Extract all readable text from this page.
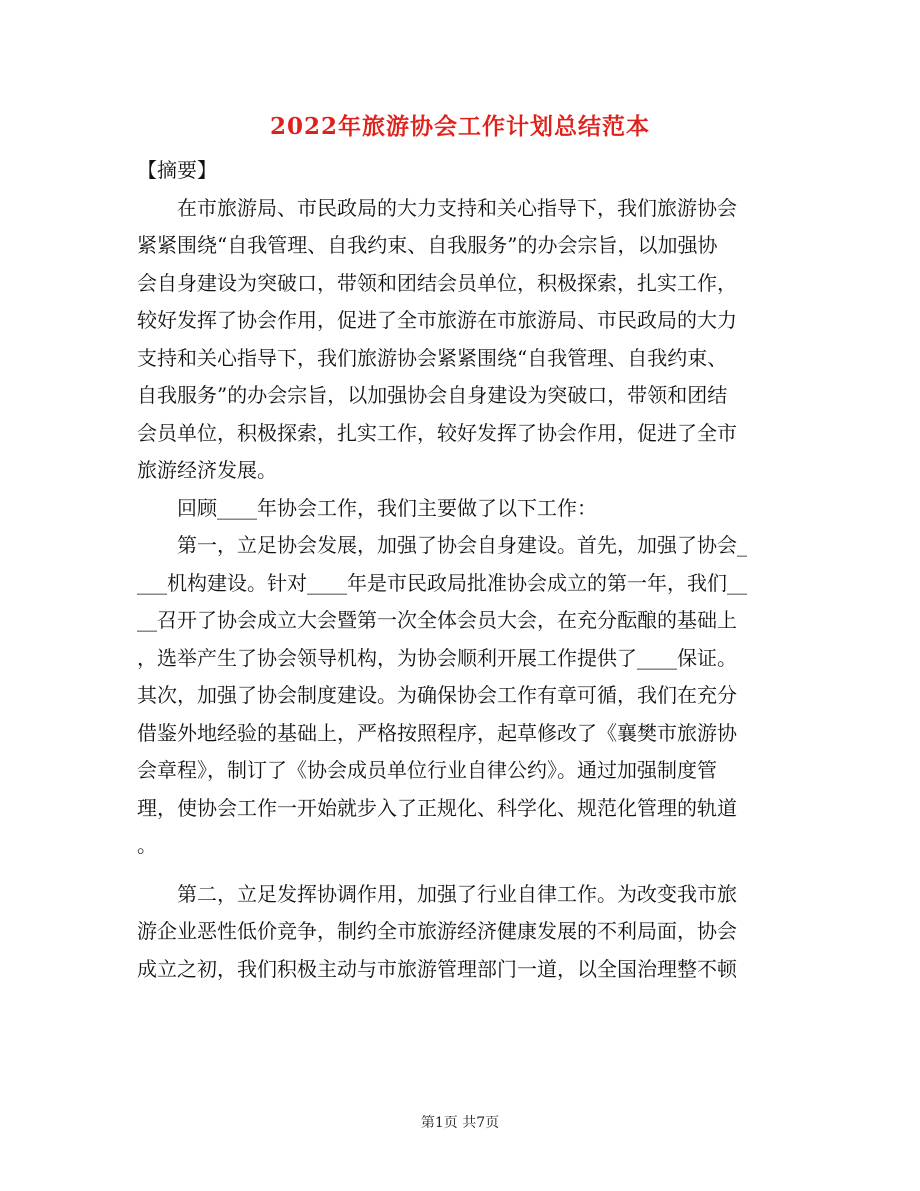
2022年旅游协会工作计划总结范本
【摘要】
　　在市旅游局、市民政局的大力支持和关心指导下，我们旅游协会
紧紧围绕“自我管理、自我约束、自我服务”的办会宗旨，以加强协
会自身建设为突破口，带领和团结会员单位，积极探索，扎实工作，
较好发挥了协会作用，促进了全市旅游在市旅游局、市民政局的大力
支持和关心指导下，我们旅游协会紧紧围绕“自我管理、自我约束、
自我服务”的办会宗旨，以加强协会自身建设为突破口，带领和团结
会员单位，积极探索，扎实工作，较好发挥了协会作用，促进了全市
旅游经济发展。
　　回顾____年协会工作，我们主要做了以下工作：
　　第一，立足协会发展，加强了协会自身建设。首先，加强了协会_
___机构建设。针对____年是市民政局批准协会成立的第一年，我们__
__召开了协会成立大会暨第一次全体会员大会，在充分酝酿的基础上
，选举产生了协会领导机构，为协会顺利开展工作提供了____保证。
其次，加强了协会制度建设。为确保协会工作有章可循，我们在充分
借鉴外地经验的基础上，严格按照程序，起草修改了《襄樊市旅游协
会章程》，制订了《协会成员单位行业自律公约》。通过加强制度管
理，使协会工作一开始就步入了正规化、科学化、规范化管理的轨道
。
　　第二，立足发挥协调作用，加强了行业自律工作。为改变我市旅
游企业恶性低价竞争，制约全市旅游经济健康发展的不利局面，协会
成立之初，我们积极主动与市旅游管理部门一道，以全国治理整不顿
第1页 共7页
